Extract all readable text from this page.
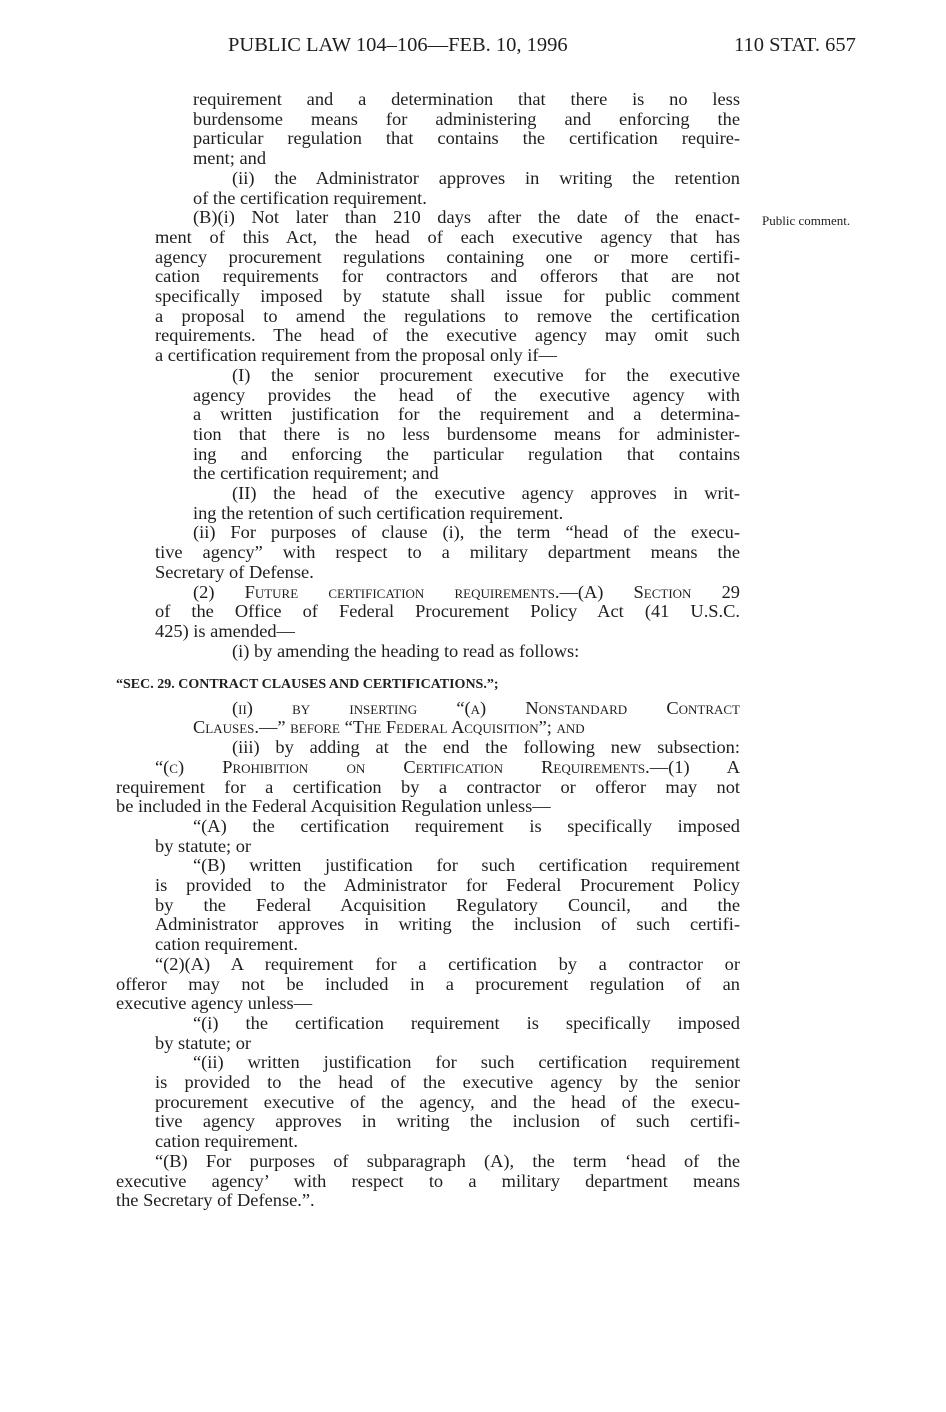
PUBLIC LAW 104–106—FEB. 10, 1996	110 STAT. 657
Public comment.
requirement and a determination that there is no less
burdensome means for administering and enforcing the
particular regulation that contains the certification require-
ment; and
(ii) the Administrator approves in writing the retention
of the certification requirement.
(B)(i) Not later than 210 days after the date of the enact-
ment of this Act, the head of each executive agency that has
agency procurement regulations containing one or more certifi-
cation requirements for contractors and offerors that are not
specifically imposed by statute shall issue for public comment
a proposal to amend the regulations to remove the certification
requirements. The head of the executive agency may omit such
a certification requirement from the proposal only if—
(I) the senior procurement executive for the executive
agency provides the head of the executive agency with
a written justification for the requirement and a determina-
tion that there is no less burdensome means for administer-
ing and enforcing the particular regulation that contains
the certification requirement; and
(II) the head of the executive agency approves in writ-
ing the retention of such certification requirement.
(ii) For purposes of clause (i), the term “head of the execu-
tive agency” with respect to a military department means the
Secretary of Defense.
(2) Future certification requirements.—(A) Section 29
of the Office of Federal Procurement Policy Act (41 U.S.C.
425) is amended—
(i) by amending the heading to read as follows:
“SEC. 29. CONTRACT CLAUSES AND CERTIFICATIONS.”;
(ii) by inserting “(a) Nonstandard Contract
Clauses.—” before “The Federal Acquisition”; and
(iii) by adding at the end the following new subsection:
“(c) Prohibition on Certification Requirements.—(1) A
requirement for a certification by a contractor or offeror may not
be included in the Federal Acquisition Regulation unless—
“(A) the certification requirement is specifically imposed
by statute; or
“(B) written justification for such certification requirement
is provided to the Administrator for Federal Procurement Policy
by the Federal Acquisition Regulatory Council, and the
Administrator approves in writing the inclusion of such certifi-
cation requirement.
“(2)(A) A requirement for a certification by a contractor or
offeror may not be included in a procurement regulation of an
executive agency unless—
“(i) the certification requirement is specifically imposed
by statute; or
“(ii) written justification for such certification requirement
is provided to the head of the executive agency by the senior
procurement executive of the agency, and the head of the execu-
tive agency approves in writing the inclusion of such certifi-
cation requirement.
“(B) For purposes of subparagraph (A), the term ‘head of the
executive agency’ with respect to a military department means
the Secretary of Defense.”.
